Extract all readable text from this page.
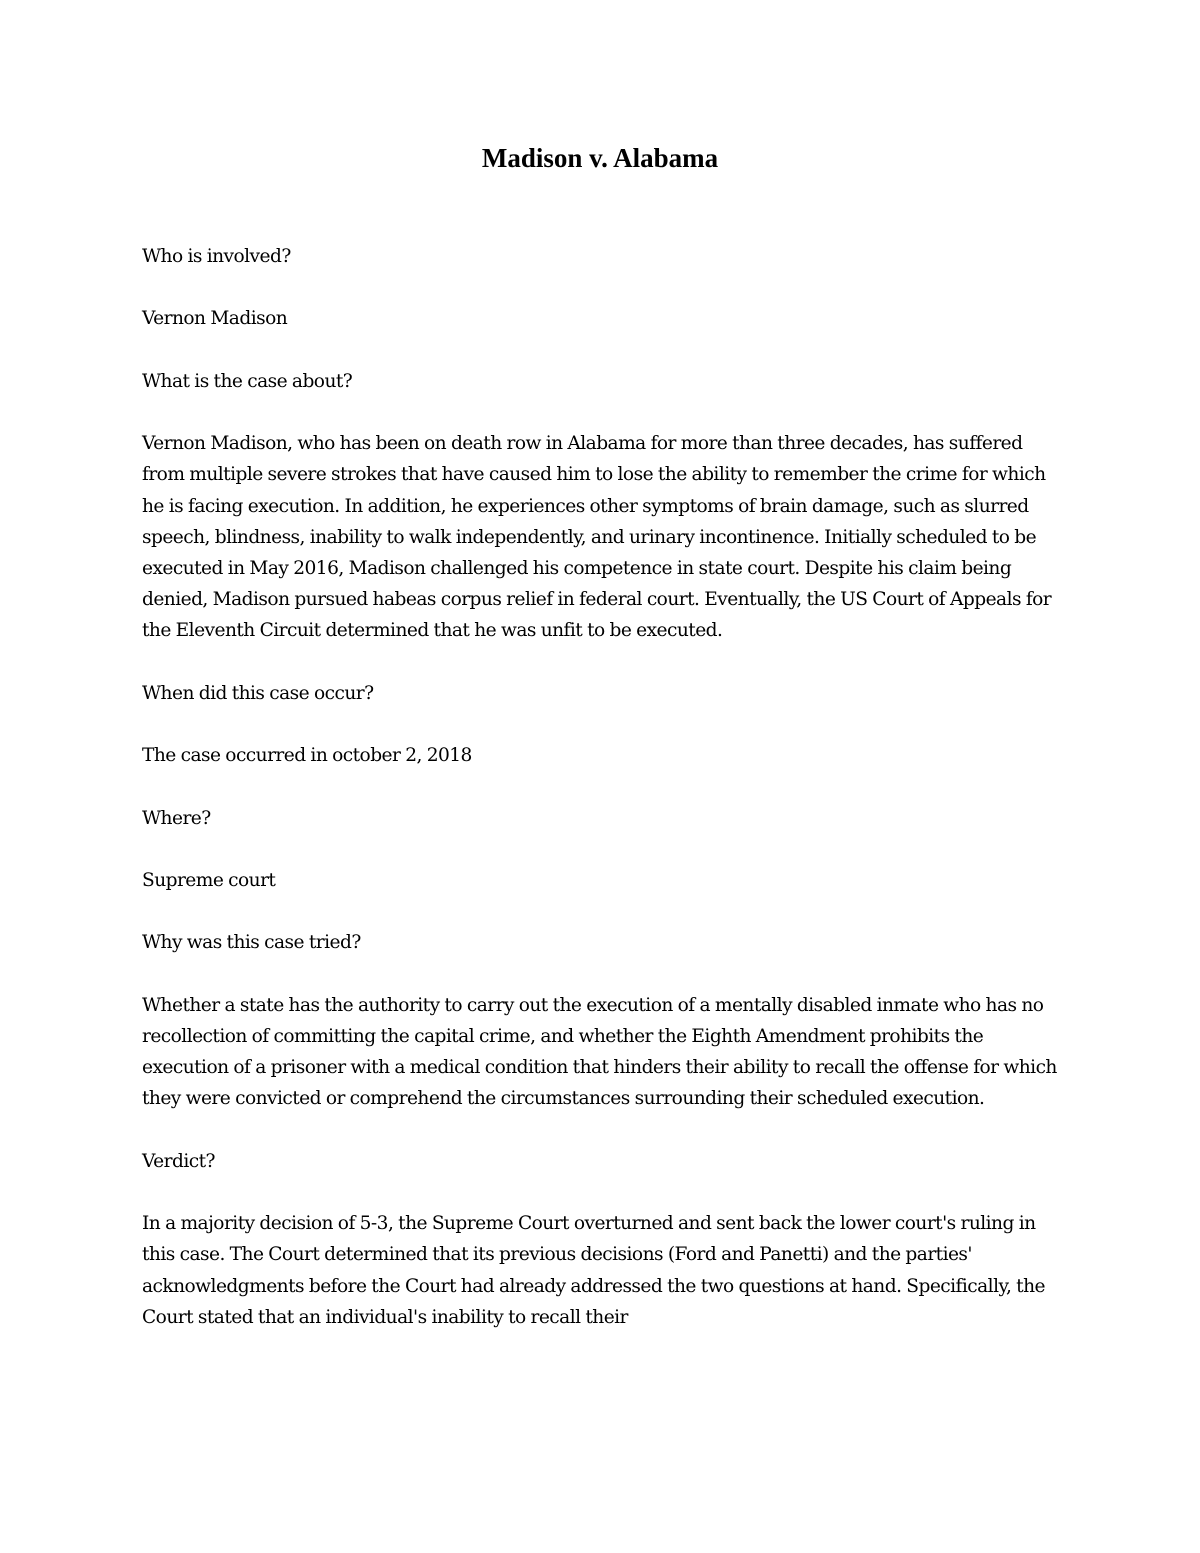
Madison v. Alabama

Who is involved?

Vernon Madison

What is the case about?

Vernon Madison, who has been on death row in Alabama for more than three decades, has suffered from multiple severe strokes that have caused him to lose the ability to remember the crime for which he is facing execution. In addition, he experiences other symptoms of brain damage, such as slurred speech, blindness, inability to walk independently, and urinary incontinence. Initially scheduled to be executed in May 2016, Madison challenged his competence in state court. Despite his claim being denied, Madison pursued habeas corpus relief in federal court. Eventually, the US Court of Appeals for the Eleventh Circuit determined that he was unfit to be executed.

When did this case occur?

The case occurred in october 2, 2018

Where?

Supreme court

Why was this case tried?

Whether a state has the authority to carry out the execution of a mentally disabled inmate who has no recollection of committing the capital crime, and whether the Eighth Amendment prohibits the execution of a prisoner with a medical condition that hinders their ability to recall the offense for which they were convicted or comprehend the circumstances surrounding their scheduled execution.

Verdict?

In a majority decision of 5-3, the Supreme Court overturned and sent back the lower court's ruling in this case. The Court determined that its previous decisions (Ford and Panetti) and the parties' acknowledgments before the Court had already addressed the two questions at hand. Specifically, the Court stated that an individual's inability to recall their
